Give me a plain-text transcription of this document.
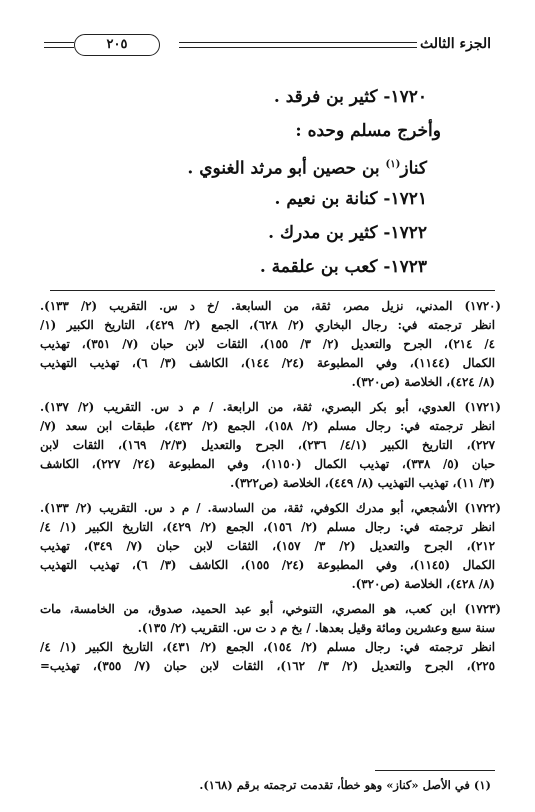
الجزء الثالث
٢٠٥
١٧٢٠- كثير بن فرقد .
وأخرج مسلم وحده :
كناز$^{(١)}$ بن حصين أبو مرثد الغنوي .
١٧٢١- كنانة بن نعيم .
١٧٢٢- كثير بن مدرك .
١٧٢٣- كعب بن علقمة .
(١٧٢٠) المدني، نزيل مصر، ثقة، من السابعة. /خ د س. التقريب (٢/ ١٣٣).
انظر ترجمته في: رجال البخاري (٢/ ٦٢٨)، الجمع (٢/ ٤٢٩)، التاريخ الكبير (١/
٤/ ٢١٤)، الجرح والتعديل (٢/ ٣/ ١٥٥)، الثقات لابن حبان (٧/ ٣٥١)، تهذيب
الكمال (١١٤٤)، وفي المطبوعة (٢٤/ ١٤٤)، الكاشف (٣/ ٦)، تهذيب التهذيب
(٨/ ٤٢٤)، الخلاصة (ص٣٢٠).
(١٧٢١) العدوي، أبو بكر البصري، ثقة، من الرابعة. / م د س. التقريب (٢/ ١٣٧).
انظر ترجمته في: رجال مسلم (٢/ ١٥٨)، الجمع (٢/ ٤٣٢)، طبقات ابن سعد (٧/
٢٢٧)، التاريخ الكبير (٤/١/ ٢٣٦)، الجرح والتعديل (٢/٣/ ١٦٩)، الثقات لابن
حبان (٥/ ٣٣٨)، تهذيب الكمال (١١٥٠)، وفي المطبوعة (٢٤/ ٢٢٧)، الكاشف
(٣/ ١١)، تهذيب التهذيب (٨/ ٤٤٩)، الخلاصة (ص٣٢٢).
(١٧٢٢) الأشجعي، أبو مدرك الكوفي، ثقة، من السادسة. / م د س. التقريب (٢/ ١٣٣).
انظر ترجمته في: رجال مسلم (٢/ ١٥٦)، الجمع (٢/ ٤٢٩)، التاريخ الكبير (١/ ٤/
٢١٢)، الجرح والتعديل (٢/ ٣/ ١٥٧)، الثقات لابن حبان (٧/ ٣٤٩)، تهذيب
الكمال (١١٤٥)، وفي المطبوعة (٢٤/ ١٥٥)، الكاشف (٣/ ٦)، تهذيب التهذيب
(٨/ ٤٢٨)، الخلاصة (ص٣٢٠).
(١٧٢٣) ابن كعب، هو المصري، التنوخي، أبو عبد الحميد، صدوق، من الخامسة، مات
سنة سبع وعشرين ومائة وقيل بعدها. / بخ م د ت س. التقريب (٢/ ١٣٥).
انظر ترجمته في: رجال مسلم (٢/ ١٥٤)، الجمع (٢/ ٤٣١)، التاريخ الكبير (١/ ٤/
٢٢٥)، الجرح والتعديل (٢/ ٣/ ١٦٢)، الثقات لابن حبان (٧/ ٣٥٥)، تهذيب=
(١) في الأصل «كناز» وهو خطأ، تقدمت ترجمته برقم (١٦٨).
